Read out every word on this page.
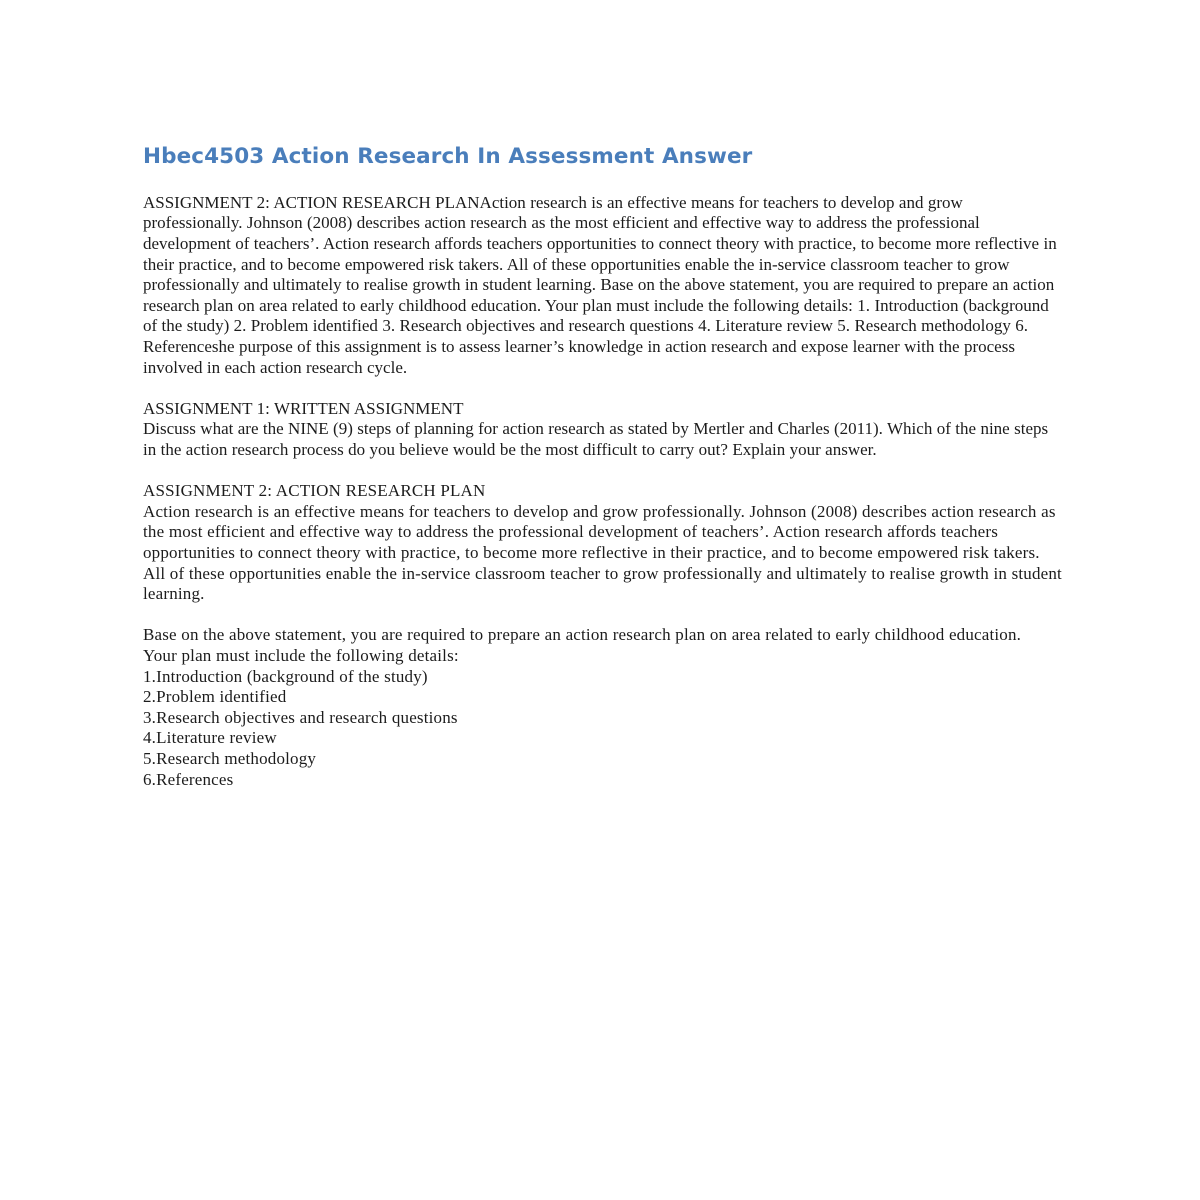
Hbec4503 Action Research In Assessment Answer

ASSIGNMENT 2: ACTION RESEARCH PLANAction research is an effective means for teachers to develop and grow professionally. Johnson (2008) describes action research as the most efficient and effective way to address the professional development of teachers’. Action research affords teachers opportunities to connect theory with practice, to become more reflective in their practice, and to become empowered risk takers. All of these opportunities enable the in-service classroom teacher to grow professionally and ultimately to realise growth in student learning. Base on the above statement, you are required to prepare an action research plan on area related to early childhood education. Your plan must include the following details: 1. Introduction (background of the study) 2. Problem identified 3. Research objectives and research questions 4. Literature review 5. Research methodology 6. Referenceshe purpose of this assignment is to assess learner’s knowledge in action research and expose learner with the process involved in each action research cycle.

ASSIGNMENT 1: WRITTEN ASSIGNMENT
Discuss what are the NINE (9) steps of planning for action research as stated by Mertler and Charles (2011). Which of the nine steps in the action research process do you believe would be the most difficult to carry out? Explain your answer.

ASSIGNMENT 2: ACTION RESEARCH PLAN
Action research is an effective means for teachers to develop and grow professionally. Johnson (2008) describes action research as the most efficient and effective way to address the professional development of teachers’. Action research affords teachers opportunities to connect theory with practice, to become more reflective in their practice, and to become empowered risk takers. All of these opportunities enable the in-service classroom teacher to grow professionally and ultimately to realise growth in student learning.

Base on the above statement, you are required to prepare an action research plan on area related to early childhood education.
Your plan must include the following details:
1.Introduction (background of the study)
2.Problem identified
3.Research objectives and research questions
4.Literature review
5.Research methodology
6.References
